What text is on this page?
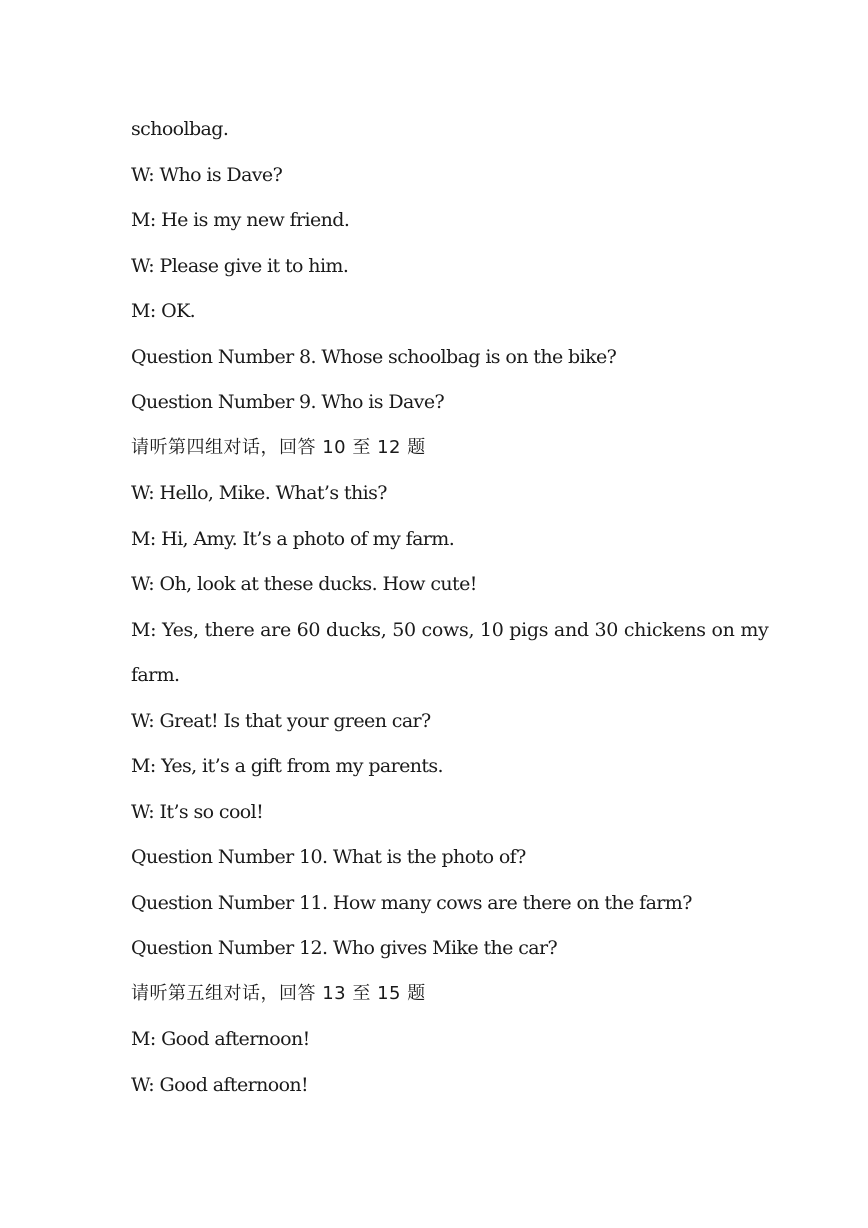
schoolbag.
W: Who is Dave?
M: He is my new friend.
W: Please give it to him.
M: OK.
Question Number 8. Whose schoolbag is on the bike?
Question Number 9. Who is Dave?
请听第四组对话，回答 10 至 12 题
W: Hello, Mike. What’s this?
M: Hi, Amy. It’s a photo of my farm.
W: Oh, look at these ducks. How cute!
M: Yes, there are 60 ducks, 50 cows, 10 pigs and 30 chickens on my
farm.
W: Great! Is that your green car?
M: Yes, it’s a gift from my parents.
W: It’s so cool!
Question Number 10. What is the photo of?
Question Number 11. How many cows are there on the farm?
Question Number 12. Who gives Mike the car?
请听第五组对话，回答 13 至 15 题
M: Good afternoon!
W: Good afternoon!
